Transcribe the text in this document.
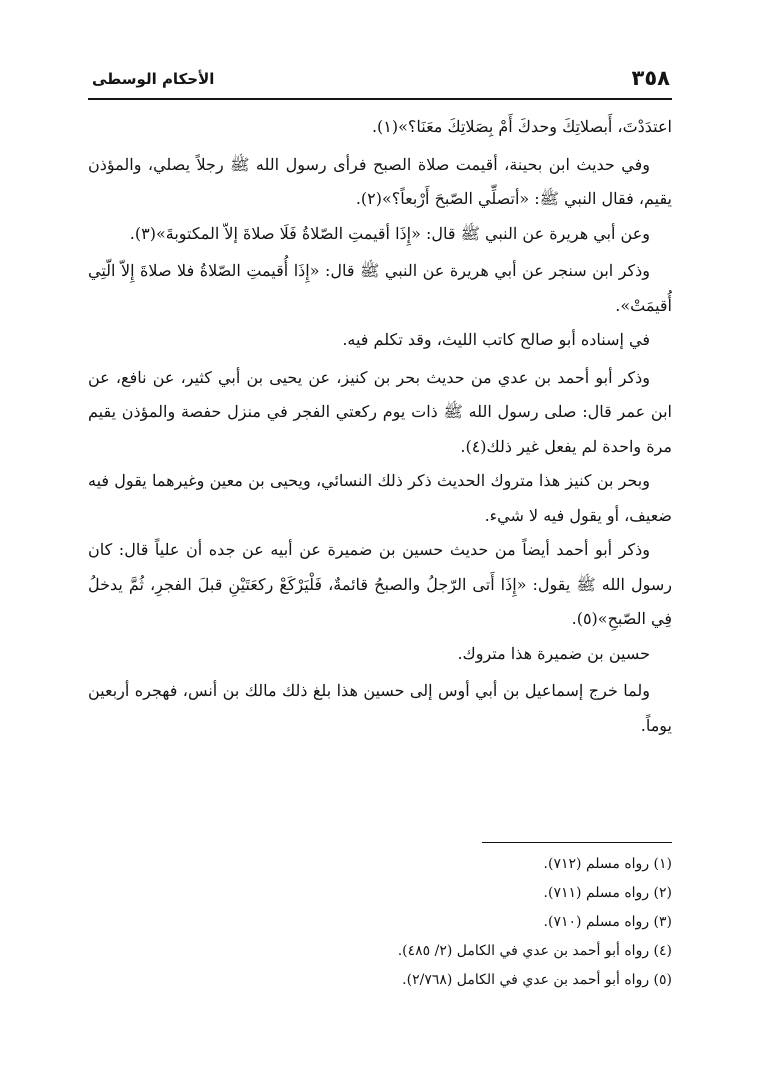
٣٥٨
الأحكام الوسطى

اعتدَدْتَ، أَبصلاتِكَ وحدكَ أَمْ بِصَلاتِكَ معَنَا؟»(١).

وفي حديث ابن بحينة، أقيمت صلاة الصبح فرأى رسول الله ﷺ رجلاً يصلي، والمؤذن يقيم، فقال النبي ﷺ: «أتصلِّي الصّبحَ أَرْبعاً؟»(٢).

وعن أبي هريرة عن النبي ﷺ قال: «إِذَا أقيمتِ الصّلاةُ فَلَا صلاةَ إلاّ المكتوبةَ»(٣).

وذكر ابن سنجر عن أبي هريرة عن النبي ﷺ قال: «إِذَا أُقيمتِ الصّلاةُ فلا صلاةَ إِلاّ الّتِي أُقيمَتْ».

في إسناده أبو صالح كاتب الليث، وقد تكلم فيه.

وذكر أبو أحمد بن عدي من حديث بحر بن كنيز، عن يحيى بن أبي كثير، عن نافع، عن ابن عمر قال: صلى رسول الله ﷺ ذات يوم ركعتي الفجر في منزل حفصة والمؤذن يقيم مرة واحدة لم يفعل غير ذلك(٤).

وبحر بن كنيز هذا متروك الحديث ذكر ذلك النسائي، ويحيى بن معين وغيرهما يقول فيه ضعيف، أو يقول فيه لا شيء.

وذكر أبو أحمد أيضاً من حديث حسين بن ضميرة عن أبيه عن جده أن علياً قال: كان رسول الله ﷺ يقول: «إِذَا أَتى الرّجلُ والصبحُ قائمةٌ، فَلْيَرْكَعْ ركعَتَيْنِ قبلَ الفجرِ، ثُمَّ يدخلُ فِي الصّبحِ»(٥).

حسين بن ضميرة هذا متروك.

ولما خرج إسماعيل بن أبي أوس إلى حسين هذا بلغ ذلك مالك بن أنس، فهجره أربعين يوماً.

(١) رواه مسلم (٧١٢).
(٢) رواه مسلم (٧١١).
(٣) رواه مسلم (٧١٠).
(٤) رواه أبو أحمد بن عدي في الكامل (٢/ ٤٨٥).
(٥) رواه أبو أحمد بن عدي في الكامل (٢/٧٦٨).
